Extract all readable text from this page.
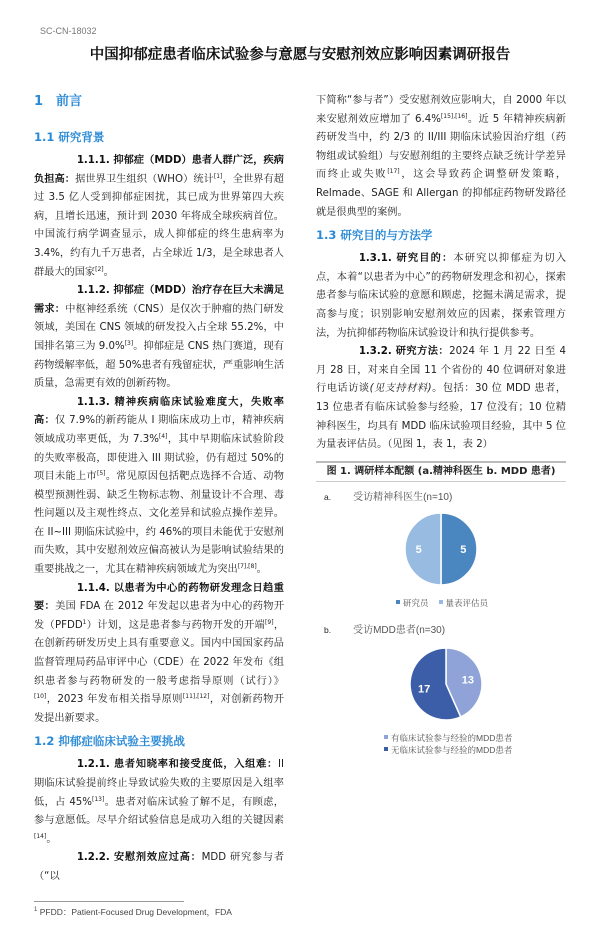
SC-CN-18032
中国抑郁症患者临床试验参与意愿与安慰剂效应影响因素调研报告
1 前言
1.1 研究背景

1.1.1. 抑郁症（MDD）患者人群广泛，疾病负担高：据世界卫生组织（WHO）统计[1]，全世界有超过 3.5 亿人受到抑郁症困扰，其已成为世界第四大疾病，且增长迅速，预计到 2030 年将成全球疾病首位。中国流行病学调查显示，成人抑郁症的终生患病率为 3.4%，约有九千万患者，占全球近 1/3，是全球患者人群最大的国家[2]。

1.1.2. 抑郁症（MDD）治疗存在巨大未满足需求：中枢神经系统（CNS）是仅次于肿瘤的热门研发领域，美国在 CNS 领域的研发投入占全球 55.2%，中国排名第三为 9.0%[3]。抑郁症是 CNS 热门赛道，现有药物缓解率低，超 50%患者有残留症状，严重影响生活质量，急需更有效的创新药物。

1.1.3. 精神疾病临床试验难度大，失败率高：仅 7.9%的新药能从 I 期临床成功上市，精神疾病领域成功率更低，为 7.3%[4]，其中早期临床试验阶段的失败率极高，即使进入 III 期试验，仍有超过 50%的项目未能上市[5]。常见原因包括靶点选择不合适、动物模型预测性弱、缺乏生物标志物、剂量设计不合理、毒性问题以及主观性终点、文化差异和试验点操作差异。在 II~III 期临床试验中，约 46%的项目未能优于安慰剂而失败，其中安慰剂效应偏高被认为是影响试验结果的重要挑战之一，尤其在精神疾病领域尤为突出[7],[8]。

1.1.4. 以患者为中心的药物研发理念日趋重要：美国 FDA 在 2012 年发起以患者为中心的药物开发（PFDD$^1$）计划，这是患者参与药物开发的开端[9]，在创新药研发历史上具有重要意义。国内中国国家药品监督管理局药品审评中心（CDE）在 2022 年发布《组织患者参与药物研发的一般考虑指导原则（试行）》[10]，2023 年发布相关指导原则[11],[12]，对创新药物开发提出新要求。

1.2 抑郁症临床试验主要挑战

1.2.1. 患者知晓率和接受度低，入组难：II 期临床试验提前终止导致试验失败的主要原因是入组率低，占 45%[13]。患者对临床试验了解不足，有顾虑，参与意愿低。尽早介绍试验信息是成功入组的关键因素[14]。

1.2.2. 安慰剂效应过高：MDD 研究参与者（“以

$^1$ PFDD：Patient-Focused Drug Development，FDA

下简称“参与者”）受安慰剂效应影响大，自 2000 年以来安慰剂效应增加了 6.4%[15],[16]。近 5 年精神疾病新药研发当中，约 2/3 的 II/III 期临床试验因治疗组（药物组或试验组）与安慰剂组的主要终点缺乏统计学差异而终止或失败[17]，这会导致药企调整研发策略，Relmade、SAGE 和 Allergan 的抑郁症药物研发路径就是很典型的案例。

1.3 研究目的与方法学

1.3.1. 研究目的：本研究以抑郁症为切入点，本着“以患者为中心”的药物研发理念和初心，探索患者参与临床试验的意愿和顾虑，挖掘未满足需求，提高参与度；识别影响安慰剂效应的因素，探索管理方法，为抗抑郁药物临床试验设计和执行提供参考。

1.3.2. 研究方法：2024 年 1 月 22 日至 4 月 28 日，对来自全国 11 个省份的 40 位调研对象进行电话访谈(见支持材料)。包括：30 位 MDD 患者，13 位患者有临床试验参与经验，17 位没有；10 位精神科医生，均具有 MDD 临床试验项目经验，其中 5 位为量表评估员。（见图 1，表 1，表 2）

图 1. 调研样本配额 (a.精神科医生 b. MDD 患者)
a. 受访精神科医生(n=10)
5
5
研究员 量表评估员
b. 受访MDD患者(n=30)
13
17
有临床试验参与经验的MDD患者
无临床试验参与经验的MDD患者
